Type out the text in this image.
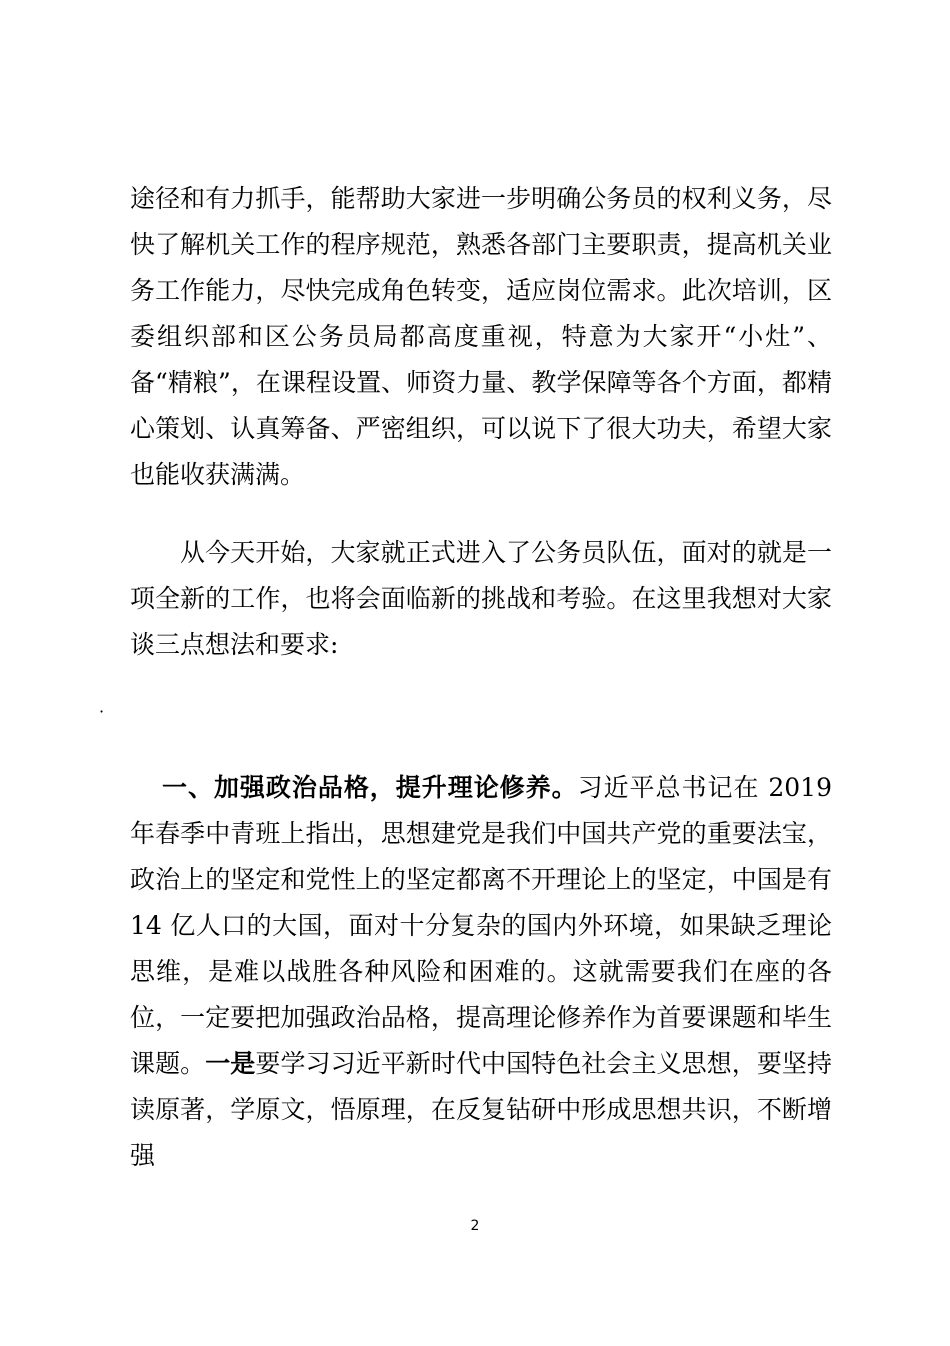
途径和有力抓手，能帮助大家进一步明确公务员的权利义务，尽快了解机关工作的程序规范，熟悉各部门主要职责，提高机关业务工作能力，尽快完成角色转变，适应岗位需求。此次培训，区委组织部和区公务员局都高度重视，特意为大家开“小灶”、备“精粮”，在课程设置、师资力量、教学保障等各个方面，都精心策划、认真筹备、严密组织，可以说下了很大功夫，希望大家也能收获满满。

从今天开始，大家就正式进入了公务员队伍，面对的就是一项全新的工作，也将会面临新的挑战和考验。在这里我想对大家谈三点想法和要求:

·

一、加强政治品格，提升理论修养。习近平总书记在 2019 年春季中青班上指出，思想建党是我们中国共产党的重要法宝，政治上的坚定和党性上的坚定都离不开理论上的坚定，中国是有 14 亿人口的大国，面对十分复杂的国内外环境，如果缺乏理论思维，是难以战胜各种风险和困难的。这就需要我们在座的各位，一定要把加强政治品格，提高理论修养作为首要课题和毕生课题。一是要学习习近平新时代中国特色社会主义思想，要坚持读原著，学原文，悟原理，在反复钻研中形成思想共识，不断增强

2
